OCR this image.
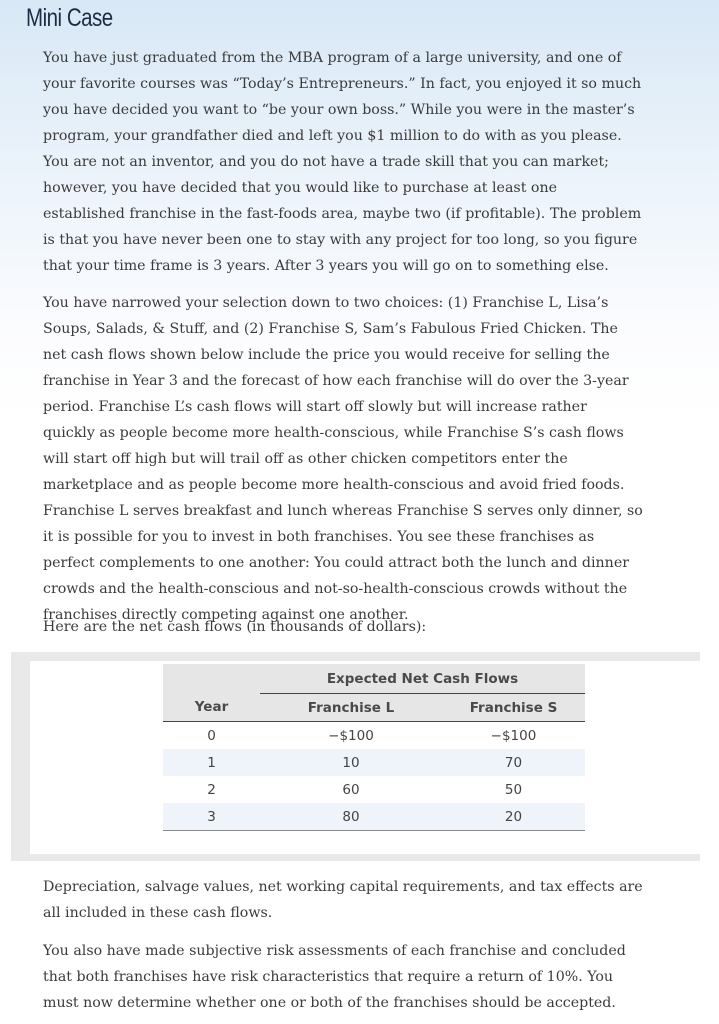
Mini Case

You have just graduated from the MBA program of a large university, and one of your favorite courses was “Today’s Entrepreneurs.” In fact, you enjoyed it so much you have decided you want to “be your own boss.” While you were in the master’s program, your grandfather died and left you $1 million to do with as you please. You are not an inventor, and you do not have a trade skill that you can market; however, you have decided that you would like to purchase at least one established franchise in the fast-foods area, maybe two (if profitable). The problem is that you have never been one to stay with any project for too long, so you figure that your time frame is 3 years. After 3 years you will go on to something else.

You have narrowed your selection down to two choices: (1) Franchise L, Lisa’s Soups, Salads, & Stuff, and (2) Franchise S, Sam’s Fabulous Fried Chicken. The net cash flows shown below include the price you would receive for selling the franchise in Year 3 and the forecast of how each franchise will do over the 3-year period. Franchise L’s cash flows will start off slowly but will increase rather quickly as people become more health-conscious, while Franchise S’s cash flows will start off high but will trail off as other chicken competitors enter the marketplace and as people become more health-conscious and avoid fried foods. Franchise L serves breakfast and lunch whereas Franchise S serves only dinner, so it is possible for you to invest in both franchises. You see these franchises as perfect complements to one another: You could attract both the lunch and dinner crowds and the health-conscious and not-so-health-conscious crowds without the franchises directly competing against one another.

Here are the net cash flows (in thousands of dollars):

	Expected Net Cash Flows	
Year	Franchise L	Franchise S
0	−$100	−$100
1	10	70
2	60	50
3	80	20

Depreciation, salvage values, net working capital requirements, and tax effects are all included in these cash flows.

You also have made subjective risk assessments of each franchise and concluded that both franchises have risk characteristics that require a return of 10%. You must now determine whether one or both of the franchises should be accepted.
